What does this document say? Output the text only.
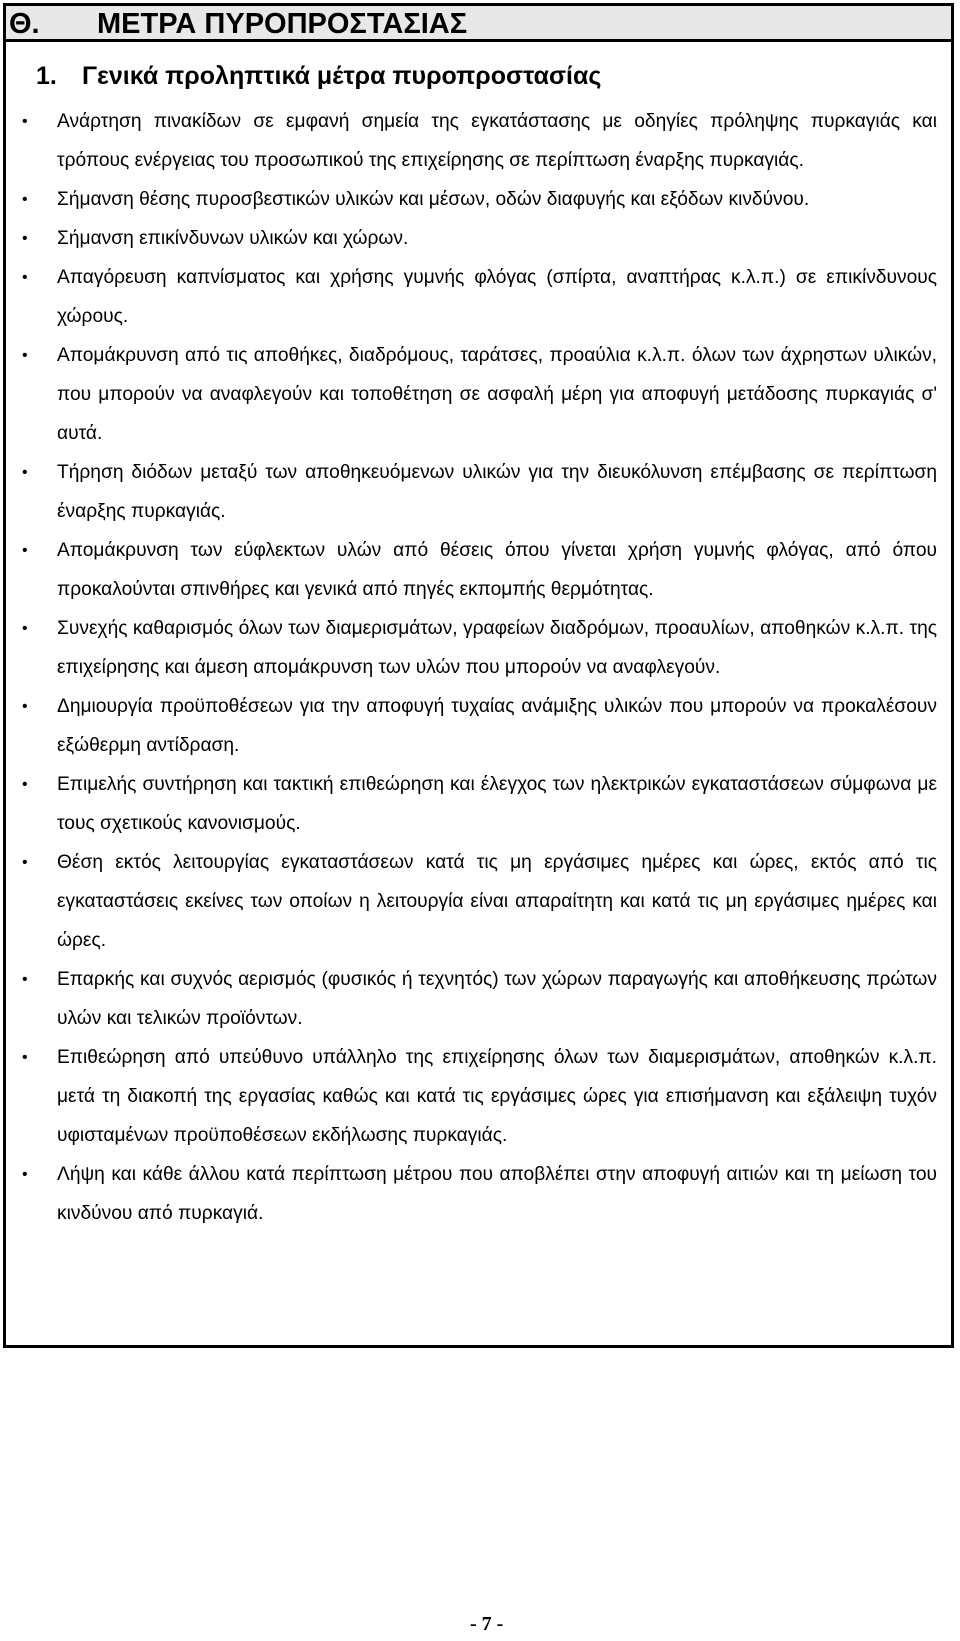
Θ. ΜΕΤΡΑ ΠΥΡΟΠΡΟΣΤΑΣΙΑΣ
1. Γενικά προληπτικά μέτρα πυροπροστασίας
• Ανάρτηση πινακίδων σε εμφανή σημεία της εγκατάστασης με οδηγίες πρόληψης πυρκαγιάς και τρόπους ενέργειας του προσωπικού της επιχείρησης σε περίπτωση έναρξης πυρκαγιάς.
• Σήμανση θέσης πυροσβεστικών υλικών και μέσων, οδών διαφυγής και εξόδων κινδύνου.
• Σήμανση επικίνδυνων υλικών και χώρων.
• Απαγόρευση καπνίσματος και χρήσης γυμνής φλόγας (σπίρτα, αναπτήρας κ.λ.π.) σε επικίνδυνους χώρους.
• Απομάκρυνση από τις αποθήκες, διαδρόμους, ταράτσες, προαύλια κ.λ.π. όλων των άχρηστων υλικών, που μπορούν να αναφλεγούν και τοποθέτηση σε ασφαλή μέρη για αποφυγή μετάδοσης πυρκαγιάς σ' αυτά.
• Τήρηση διόδων μεταξύ των αποθηκευόμενων υλικών για την διευκόλυνση επέμβασης σε περίπτωση έναρξης πυρκαγιάς.
• Απομάκρυνση των εύφλεκτων υλών από θέσεις όπου γίνεται χρήση γυμνής φλόγας, από όπου προκαλούνται σπινθήρες και γενικά από πηγές εκπομπής θερμότητας.
• Συνεχής καθαρισμός όλων των διαμερισμάτων, γραφείων διαδρόμων, προαυλίων, αποθηκών κ.λ.π. της επιχείρησης και άμεση απομάκρυνση των υλών που μπορούν να αναφλεγούν.
• Δημιουργία προϋποθέσεων για την αποφυγή τυχαίας ανάμιξης υλικών που μπορούν να προκαλέσουν εξώθερμη αντίδραση.
• Επιμελής συντήρηση και τακτική επιθεώρηση και έλεγχος των ηλεκτρικών εγκαταστάσεων σύμφωνα με τους σχετικούς κανονισμούς.
• Θέση εκτός λειτουργίας εγκαταστάσεων κατά τις μη εργάσιμες ημέρες και ώρες, εκτός από τις εγκαταστάσεις εκείνες των οποίων η λειτουργία είναι απαραίτητη και κατά τις μη εργάσιμες ημέρες και ώρες.
• Επαρκής και συχνός αερισμός (φυσικός ή τεχνητός) των χώρων παραγωγής και αποθήκευσης πρώτων υλών και τελικών προϊόντων.
• Επιθεώρηση από υπεύθυνο υπάλληλο της επιχείρησης όλων των διαμερισμάτων, αποθηκών κ.λ.π. μετά τη διακοπή της εργασίας καθώς και κατά τις εργάσιμες ώρες για επισήμανση και εξάλειψη τυχόν υφισταμένων προϋποθέσεων εκδήλωσης πυρκαγιάς.
• Λήψη και κάθε άλλου κατά περίπτωση μέτρου που αποβλέπει στην αποφυγή αιτιών και τη μείωση του κινδύνου από πυρκαγιά.
- 7 -
